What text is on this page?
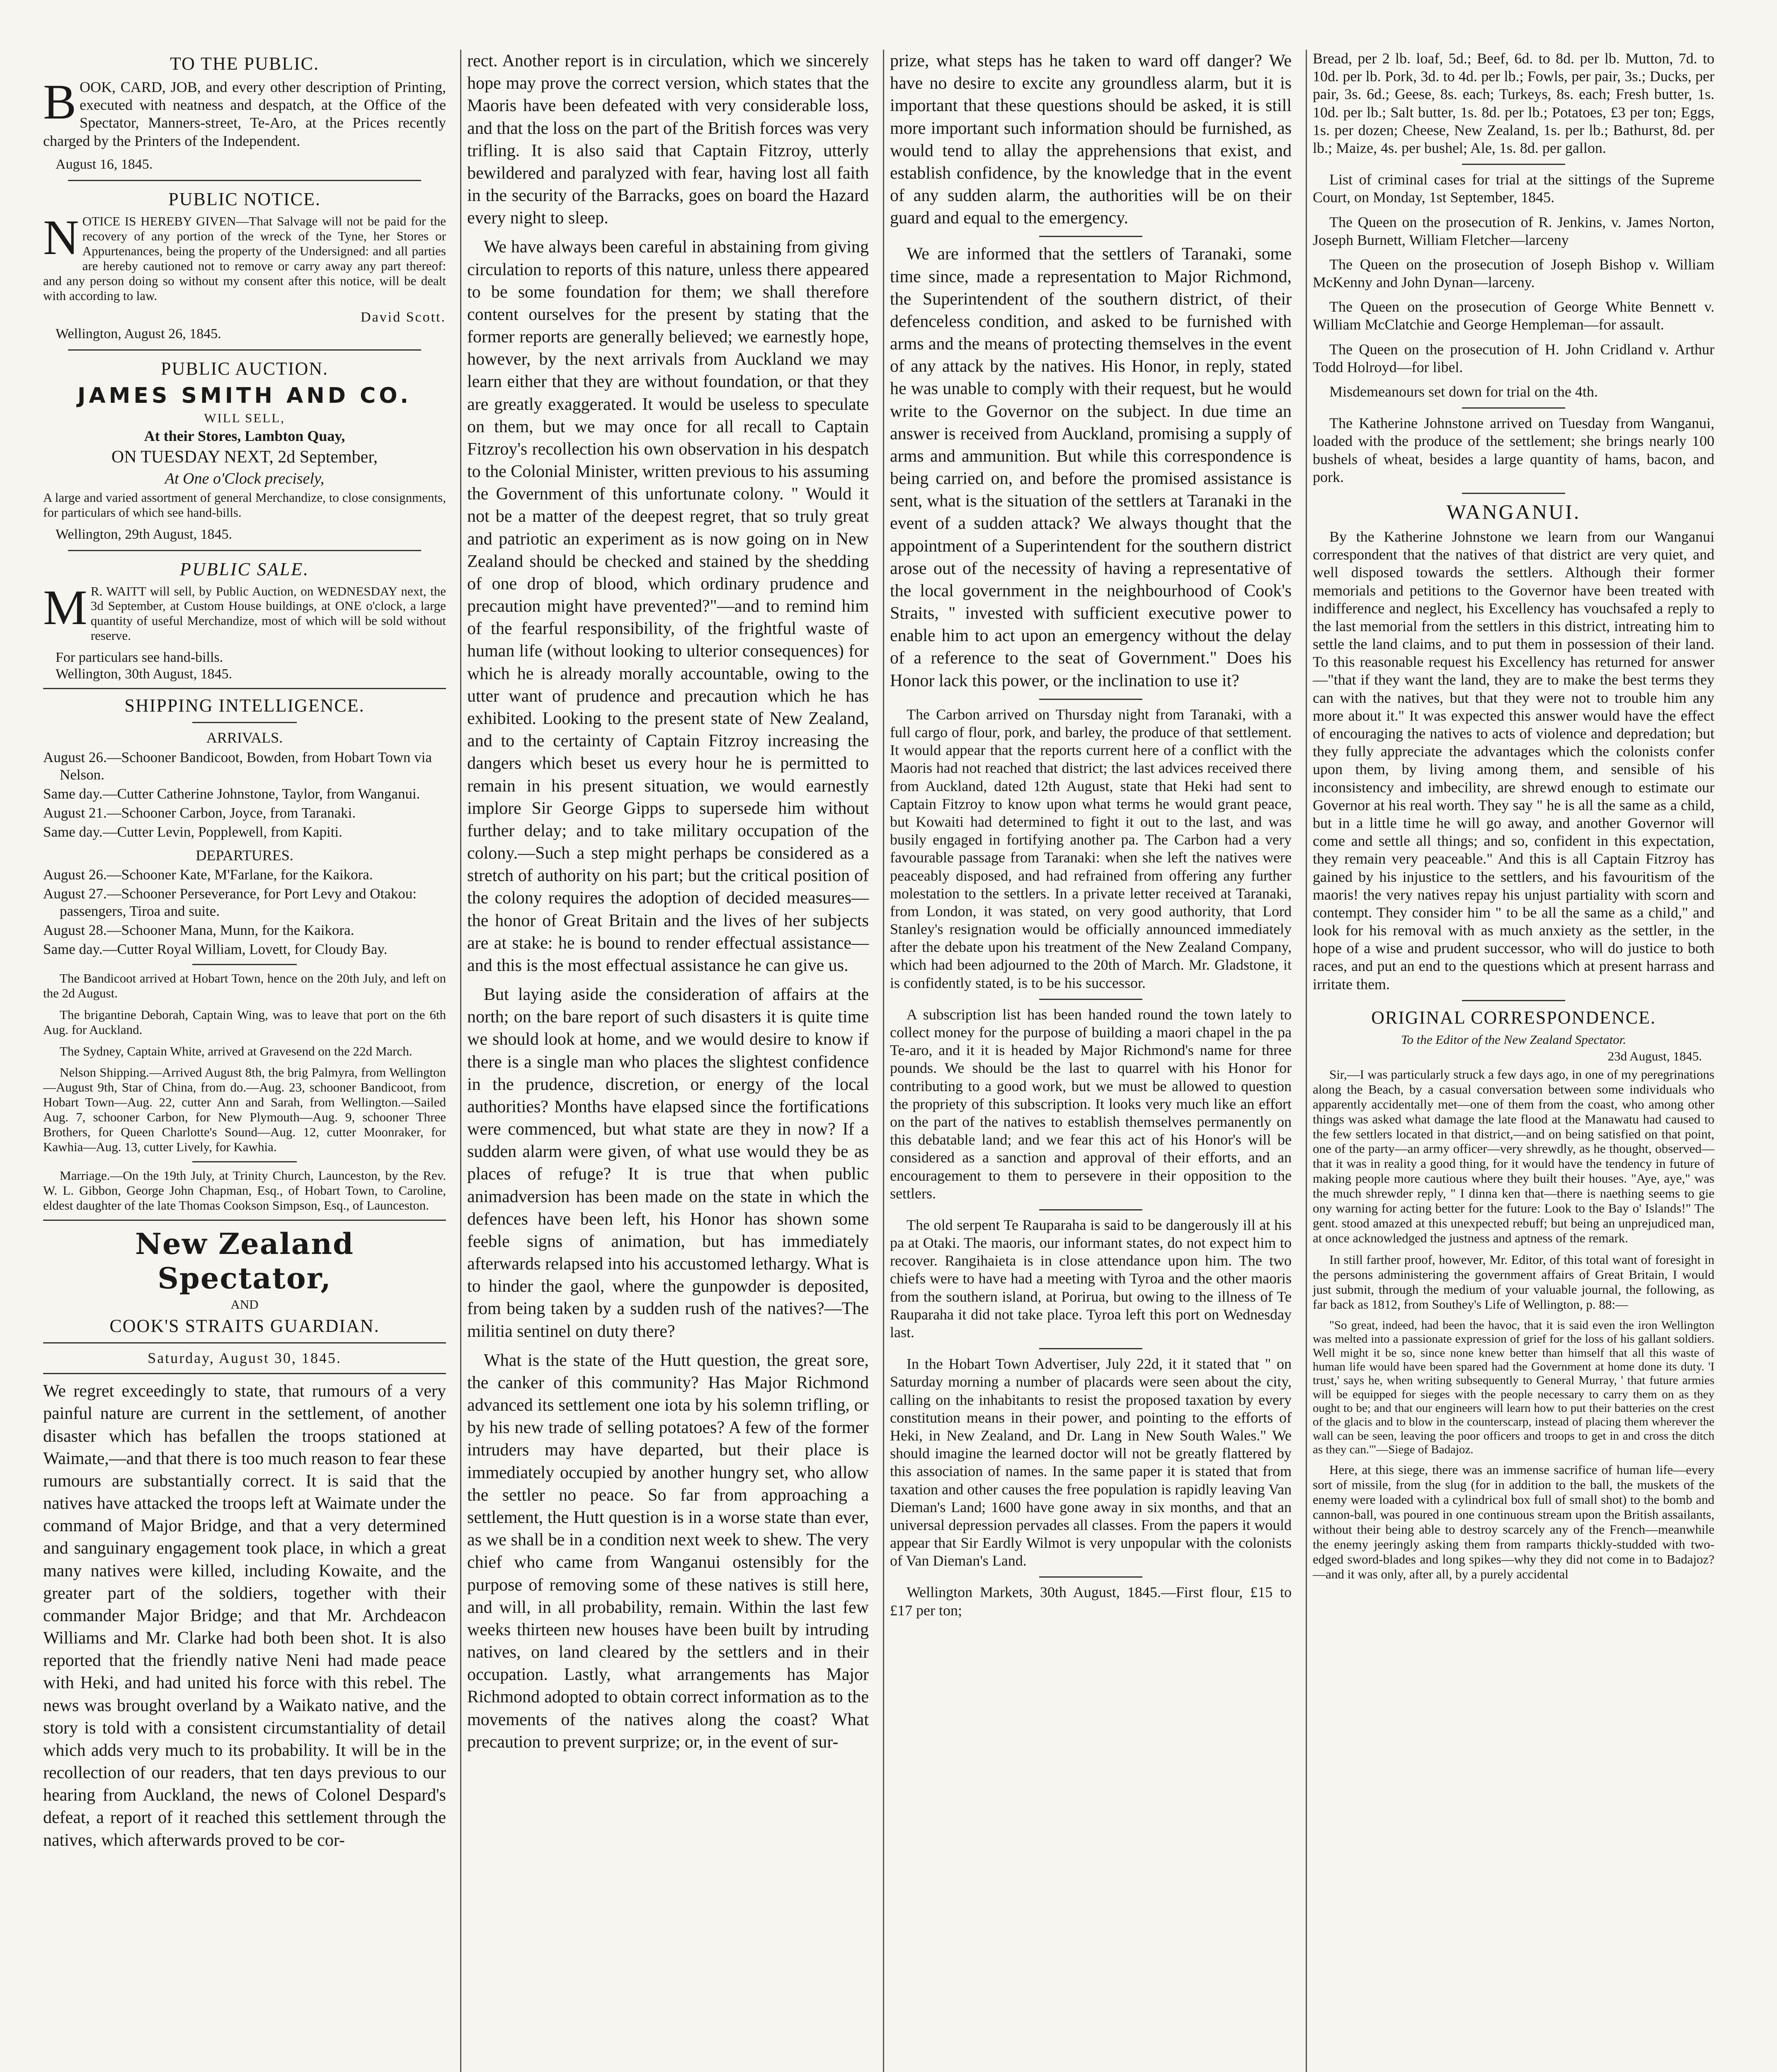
TO THE PUBLIC.

B OOK, CARD, JOB, and every other description of Printing, executed with neatness and despatch, at the Office of the Spectator, Manners-street, Te-Aro, at the Prices recently charged by the Printers of the Independent.

August 16, 1845.
PUBLIC NOTICE.

N OTICE IS HEREBY GIVEN—That Salvage will not be paid for the recovery of any portion of the wreck of the Tyne, her Stores or Appurtenances, being the property of the Undersigned: and all parties are hereby cautioned not to remove or carry away any part thereof: and any person doing so without my consent after this notice, will be dealt with according to law.

David Scott.

Wellington, August 26, 1845.
PUBLIC AUCTION.
JAMES SMITH AND CO.
WILL SELL,
At their Stores, Lambton Quay,
ON TUESDAY NEXT, 2d September,
At One o'Clock precisely,

A large and varied assortment of general Merchandize, to close consignments, for particulars of which see hand-bills.

Wellington, 29th August, 1845.
PUBLIC SALE.

M R. WAITT will sell, by Public Auction, on WEDNESDAY next, the 3d September, at Custom House buildings, at ONE o'clock, a large quantity of useful Merchandize, most of which will be sold without reserve.

For particulars see hand-bills.
Wellington, 30th August, 1845.
SHIPPING INTELLIGENCE.
ARRIVALS.

August 26.—Schooner Bandicoot, Bowden, from Hobart Town via Nelson.

Same day.—Cutter Catherine Johnstone, Taylor, from Wanganui.

August 21.—Schooner Carbon, Joyce, from Taranaki.

Same day.—Cutter Levin, Popplewell, from Kapiti.

DEPARTURES.

August 26.—Schooner Kate, M'Farlane, for the Kaikora.

August 27.—Schooner Perseverance, for Port Levy and Otakou: passengers, Tiroa and suite.

August 28.—Schooner Mana, Munn, for the Kaikora.

Same day.—Cutter Royal William, Lovett, for Cloudy Bay.

The Bandicoot arrived at Hobart Town, hence on the 20th July, and left on the 2d August.

The brigantine Deborah, Captain Wing, was to leave that port on the 6th Aug. for Auckland.

The Sydney, Captain White, arrived at Gravesend on the 22d March.

Nelson Shipping.—Arrived August 8th, the brig Palmyra, from Wellington—August 9th, Star of China, from do.—Aug. 23, schooner Bandicoot, from Hobart Town—Aug. 22, cutter Ann and Sarah, from Wellington.—Sailed Aug. 7, schooner Carbon, for New Plymouth—Aug. 9, schooner Three Brothers, for Queen Charlotte's Sound—Aug. 12, cutter Moonraker, for Kawhia—Aug. 13, cutter Lively, for Kawhia.

Marriage.—On the 19th July, at Trinity Church, Launceston, by the Rev. W. L. Gibbon, George John Chapman, Esq., of Hobart Town, to Caroline, eldest daughter of the late Thomas Cookson Simpson, Esq., of Launceston.

New Zealand Spectator,
AND
COOK'S STRAITS GUARDIAN.
Saturday, August 30, 1845.

We regret exceedingly to state, that rumours of a very painful nature are current in the settlement, of another disaster which has befallen the troops stationed at Waimate,—and that there is too much reason to fear these rumours are substantially correct. It is said that the natives have attacked the troops left at Waimate under the command of Major Bridge, and that a very determined and sanguinary engagement took place, in which a great many natives were killed, including Kowaite, and the greater part of the soldiers, together with their commander Major Bridge; and that Mr. Archdeacon Williams and Mr. Clarke had both been shot. It is also reported that the friendly native Neni had made peace with Heki, and had united his force with this rebel. The news was brought overland by a Waikato native, and the story is told with a consistent circumstantiality of detail which adds very much to its probability. It will be in the recollection of our readers, that ten days previous to our hearing from Auckland, the news of Colonel Despard's defeat, a report of it reached this settlement through the natives, which afterwards proved to be cor-

rect. Another report is in circulation, which we sincerely hope may prove the correct version, which states that the Maoris have been defeated with very considerable loss, and that the loss on the part of the British forces was very trifling. It is also said that Captain Fitzroy, utterly bewildered and paralyzed with fear, having lost all faith in the security of the Barracks, goes on board the Hazard every night to sleep.

We have always been careful in abstaining from giving circulation to reports of this nature, unless there appeared to be some foundation for them; we shall therefore content ourselves for the present by stating that the former reports are generally believed; we earnestly hope, however, by the next arrivals from Auckland we may learn either that they are without foundation, or that they are greatly exaggerated. It would be useless to speculate on them, but we may once for all recall to Captain Fitzroy's recollection his own observation in his despatch to the Colonial Minister, written previous to his assuming the Government of this unfortunate colony. " Would it not be a matter of the deepest regret, that so truly great and patriotic an experiment as is now going on in New Zealand should be checked and stained by the shedding of one drop of blood, which ordinary prudence and precaution might have prevented?"—and to remind him of the fearful responsibility, of the frightful waste of human life (without looking to ulterior consequences) for which he is already morally accountable, owing to the utter want of prudence and precaution which he has exhibited. Looking to the present state of New Zealand, and to the certainty of Captain Fitzroy increasing the dangers which beset us every hour he is permitted to remain in his present situation, we would earnestly implore Sir George Gipps to supersede him without further delay; and to take military occupation of the colony.—Such a step might perhaps be considered as a stretch of authority on his part; but the critical position of the colony requires the adoption of decided measures—the honor of Great Britain and the lives of her subjects are at stake: he is bound to render effectual assistance—and this is the most effectual assistance he can give us.

But laying aside the consideration of affairs at the north; on the bare report of such disasters it is quite time we should look at home, and we would desire to know if there is a single man who places the slightest confidence in the prudence, discretion, or energy of the local authorities? Months have elapsed since the fortifications were commenced, but what state are they in now? If a sudden alarm were given, of what use would they be as places of refuge? It is true that when public animadversion has been made on the state in which the defences have been left, his Honor has shown some feeble signs of animation, but has immediately afterwards relapsed into his accustomed lethargy. What is to hinder the gaol, where the gunpowder is deposited, from being taken by a sudden rush of the natives?—The militia sentinel on duty there?

What is the state of the Hutt question, the great sore, the canker of this community? Has Major Richmond advanced its settlement one iota by his solemn trifling, or by his new trade of selling potatoes? A few of the former intruders may have departed, but their place is immediately occupied by another hungry set, who allow the settler no peace. So far from approaching a settlement, the Hutt question is in a worse state than ever, as we shall be in a condition next week to shew. The very chief who came from Wanganui ostensibly for the purpose of removing some of these natives is still here, and will, in all probability, remain. Within the last few weeks thirteen new houses have been built by intruding natives, on land cleared by the settlers and in their occupation. Lastly, what arrangements has Major Richmond adopted to obtain correct information as to the movements of the natives along the coast? What precaution to prevent surprize; or, in the event of sur-

prize, what steps has he taken to ward off danger? We have no desire to excite any groundless alarm, but it is important that these questions should be asked, it is still more important such information should be furnished, as would tend to allay the apprehensions that exist, and establish confidence, by the knowledge that in the event of any sudden alarm, the authorities will be on their guard and equal to the emergency.

We are informed that the settlers of Taranaki, some time since, made a representation to Major Richmond, the Superintendent of the southern district, of their defenceless condition, and asked to be furnished with arms and the means of protecting themselves in the event of any attack by the natives. His Honor, in reply, stated he was unable to comply with their request, but he would write to the Governor on the subject. In due time an answer is received from Auckland, promising a supply of arms and ammunition. But while this correspondence is being carried on, and before the promised assistance is sent, what is the situation of the settlers at Taranaki in the event of a sudden attack? We always thought that the appointment of a Superintendent for the southern district arose out of the necessity of having a representative of the local government in the neighbourhood of Cook's Straits, " invested with sufficient executive power to enable him to act upon an emergency without the delay of a reference to the seat of Government." Does his Honor lack this power, or the inclination to use it?

The Carbon arrived on Thursday night from Taranaki, with a full cargo of flour, pork, and barley, the produce of that settlement. It would appear that the reports current here of a conflict with the Maoris had not reached that district; the last advices received there from Auckland, dated 12th August, state that Heki had sent to Captain Fitzroy to know upon what terms he would grant peace, but Kowaiti had determined to fight it out to the last, and was busily engaged in fortifying another pa. The Carbon had a very favourable passage from Taranaki: when she left the natives were peaceably disposed, and had refrained from offering any further molestation to the settlers. In a private letter received at Taranaki, from London, it was stated, on very good authority, that Lord Stanley's resignation would be officially announced immediately after the debate upon his treatment of the New Zealand Company, which had been adjourned to the 20th of March. Mr. Gladstone, it is confidently stated, is to be his successor.

A subscription list has been handed round the town lately to collect money for the purpose of building a maori chapel in the pa Te-aro, and it it is headed by Major Richmond's name for three pounds. We should be the last to quarrel with his Honor for contributing to a good work, but we must be allowed to question the propriety of this subscription. It looks very much like an effort on the part of the natives to establish themselves permanently on this debatable land; and we fear this act of his Honor's will be considered as a sanction and approval of their efforts, and an encouragement to them to persevere in their opposition to the settlers.

The old serpent Te Rauparaha is said to be dangerously ill at his pa at Otaki. The maoris, our informant states, do not expect him to recover. Rangihaieta is in close attendance upon him. The two chiefs were to have had a meeting with Tyroa and the other maoris from the southern island, at Porirua, but owing to the illness of Te Rauparaha it did not take place. Tyroa left this port on Wednesday last.

In the Hobart Town Advertiser, July 22d, it it stated that " on Saturday morning a number of placards were seen about the city, calling on the inhabitants to resist the proposed taxation by every constitution means in their power, and pointing to the efforts of Heki, in New Zealand, and Dr. Lang in New South Wales." We should imagine the learned doctor will not be greatly flattered by this association of names. In the same paper it is stated that from taxation and other causes the free population is rapidly leaving Van Dieman's Land; 1600 have gone away in six months, and that an universal depression pervades all classes. From the papers it would appear that Sir Eardly Wilmot is very unpopular with the colonists of Van Dieman's Land.

Wellington Markets, 30th August, 1845.—First flour, £15 to £17 per ton;

Bread, per 2 lb. loaf, 5d.; Beef, 6d. to 8d. per lb. Mutton, 7d. to 10d. per lb. Pork, 3d. to 4d. per lb.; Fowls, per pair, 3s.; Ducks, per pair, 3s. 6d.; Geese, 8s. each; Turkeys, 8s. each; Fresh butter, 1s. 10d. per lb.; Salt butter, 1s. 8d. per lb.; Potatoes, £3 per ton; Eggs, 1s. per dozen; Cheese, New Zealand, 1s. per lb.; Bathurst, 8d. per lb.; Maize, 4s. per bushel; Ale, 1s. 8d. per gallon.

List of criminal cases for trial at the sittings of the Supreme Court, on Monday, 1st September, 1845.

The Queen on the prosecution of R. Jenkins, v. James Norton, Joseph Burnett, William Fletcher—larceny

The Queen on the prosecution of Joseph Bishop v. William McKenny and John Dynan—larceny.

The Queen on the prosecution of George White Bennett v. William McClatchie and George Hempleman—for assault.

The Queen on the prosecution of H. John Cridland v. Arthur Todd Holroyd—for libel.

Misdemeanours set down for trial on the 4th.

The Katherine Johnstone arrived on Tuesday from Wanganui, loaded with the produce of the settlement; she brings nearly 100 bushels of wheat, besides a large quantity of hams, bacon, and pork.

WANGANUI.

By the Katherine Johnstone we learn from our Wanganui correspondent that the natives of that district are very quiet, and well disposed towards the settlers. Although their former memorials and petitions to the Governor have been treated with indifference and neglect, his Excellency has vouchsafed a reply to the last memorial from the settlers in this district, intreating him to settle the land claims, and to put them in possession of their land. To this reasonable request his Excellency has returned for answer—"that if they want the land, they are to make the best terms they can with the natives, but that they were not to trouble him any more about it." It was expected this answer would have the effect of encouraging the natives to acts of violence and depredation; but they fully appreciate the advantages which the colonists confer upon them, by living among them, and sensible of his inconsistency and imbecility, are shrewd enough to estimate our Governor at his real worth. They say " he is all the same as a child, but in a little time he will go away, and another Governor will come and settle all things; and so, confident in this expectation, they remain very peaceable." And this is all Captain Fitzroy has gained by his injustice to the settlers, and his favouritism of the maoris! the very natives repay his unjust partiality with scorn and contempt. They consider him " to be all the same as a child," and look for his removal with as much anxiety as the settler, in the hope of a wise and prudent successor, who will do justice to both races, and put an end to the questions which at present harrass and irritate them.

ORIGINAL CORRESPONDENCE.
To the Editor of the New Zealand Spectator.
23d August, 1845.

Sir,—I was particularly struck a few days ago, in one of my peregrinations along the Beach, by a casual conversation between some individuals who apparently accidentally met—one of them from the coast, who among other things was asked what damage the late flood at the Manawatu had caused to the few settlers located in that district,—and on being satisfied on that point, one of the party—an army officer—very shrewdly, as he thought, observed—that it was in reality a good thing, for it would have the tendency in future of making people more cautious where they built their houses. "Aye, aye," was the much shrewder reply, " I dinna ken that—there is naething seems to gie ony warning for acting better for the future: Look to the Bay o' Islands!" The gent. stood amazed at this unexpected rebuff; but being an unprejudiced man, at once acknowledged the justness and aptness of the remark.

In still farther proof, however, Mr. Editor, of this total want of foresight in the persons administering the government affairs of Great Britain, I would just submit, through the medium of your valuable journal, the following, as far back as 1812, from Southey's Life of Wellington, p. 88:—

"So great, indeed, had been the havoc, that it is said even the iron Wellington was melted into a passionate expression of grief for the loss of his gallant soldiers. Well might it be so, since none knew better than himself that all this waste of human life would have been spared had the Government at home done its duty. 'I trust,' says he, when writing subsequently to General Murray, ' that future armies will be equipped for sieges with the people necessary to carry them on as they ought to be; and that our engineers will learn how to put their batteries on the crest of the glacis and to blow in the counterscarp, instead of placing them wherever the wall can be seen, leaving the poor officers and troops to get in and cross the ditch as they can.'"—Siege of Badajoz.

Here, at this siege, there was an immense sacrifice of human life—every sort of missile, from the slug (for in addition to the ball, the muskets of the enemy were loaded with a cylindrical box full of small shot) to the bomb and cannon-ball, was poured in one continuous stream upon the British assailants, without their being able to destroy scarcely any of the French—meanwhile the enemy jeeringly asking them from ramparts thickly-studded with two-edged sword-blades and long spikes—why they did not come in to Badajoz? —and it was only, after all, by a purely accidental
